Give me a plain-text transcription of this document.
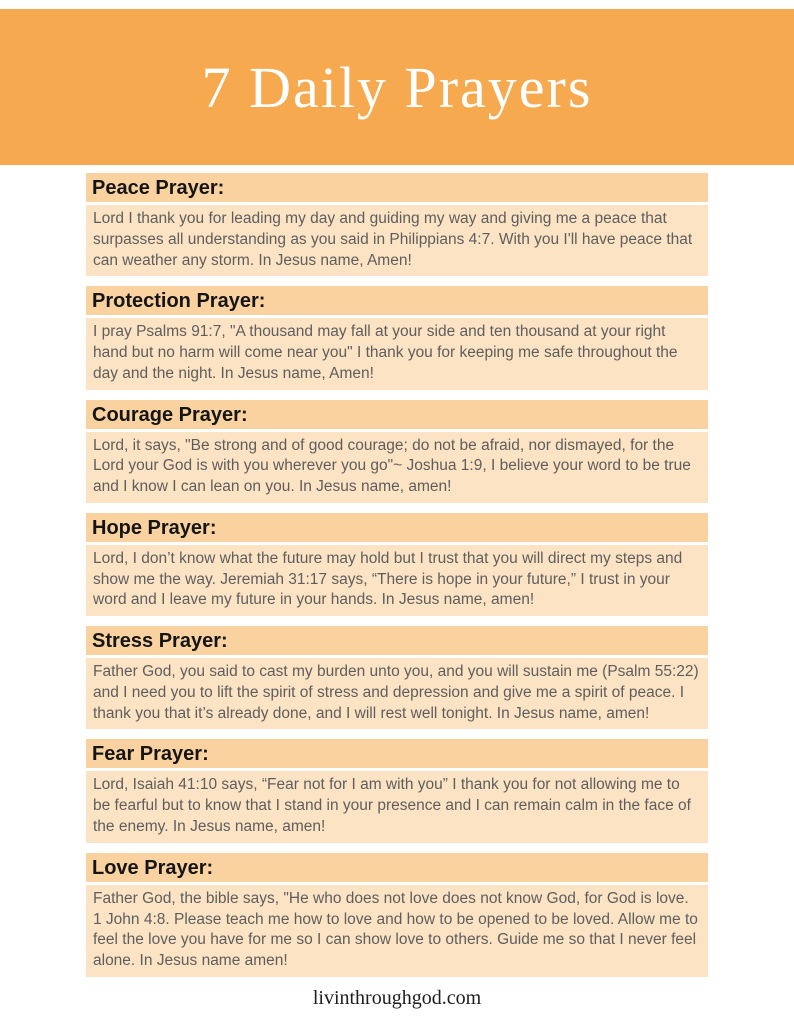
7 Daily Prayers
Peace Prayer:

Lord I thank you for leading my day and guiding my way and giving me a peace that surpasses all understanding as you said in Philippians 4:7. With you I'll have peace that can weather any storm. In Jesus name, Amen!

Protection Prayer:

I pray Psalms 91:7, "A thousand may fall at your side and ten thousand at your right hand but no harm will come near you" I thank you for keeping me safe throughout the day and the night. In Jesus name, Amen!

Courage Prayer:

Lord, it says, "Be strong and of good courage; do not be afraid, nor dismayed, for the Lord your God is with you wherever you go"~ Joshua 1:9, I believe your word to be true and I know I can lean on you. In Jesus name, amen!

Hope Prayer:

Lord, I don’t know what the future may hold but I trust that you will direct my steps and show me the way. Jeremiah 31:17 says, “There is hope in your future,” I trust in your word and I leave my future in your hands. In Jesus name, amen!

Stress Prayer:

Father God, you said to cast my burden unto you, and you will sustain me (Psalm 55:22) and I need you to lift the spirit of stress and depression and give me a spirit of peace. I thank you that it’s already done, and I will rest well tonight. In Jesus name, amen!

Fear Prayer:

Lord, Isaiah 41:10 says, “Fear not for I am with you” I thank you for not allowing me to be fearful but to know that I stand in your presence and I can remain calm in the face of the enemy. In Jesus name, amen!

Love Prayer:

Father God, the bible says, "He who does not love does not know God, for God is love. 1 John 4:8. Please teach me how to love and how to be opened to be loved. Allow me to feel the love you have for me so I can show love to others. Guide me so that I never feel alone. In Jesus name amen!

livinthroughgod.com
